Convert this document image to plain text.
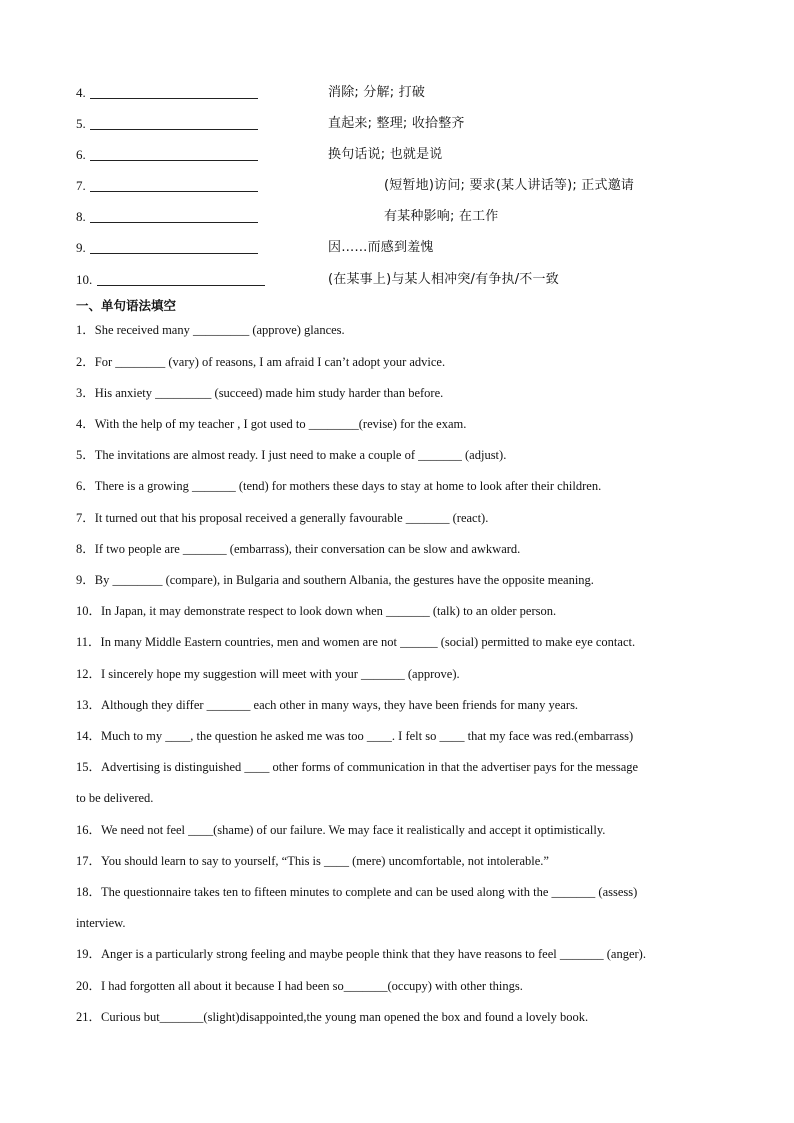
4.	消除; 分解; 打破
5.	直起来; 整理; 收拾整齐
6.	换句话说; 也就是说
7.	(短暂地)访问; 要求(某人讲话等); 正式邀请
8.	有某种影响; 在工作
9.	因……而感到羞愧
10.	(在某事上)与某人相冲突/有争执/不一致
一、单句语法填空
1．She received many _________ (approve) glances.
2．For ________ (vary) of reasons, I am afraid I can’t adopt your advice.
3．His anxiety _________ (succeed) made him study harder than before.
4．With the help of my teacher , I got used to ________(revise) for the exam.
5．The invitations are almost ready. I just need to make a couple of _______ (adjust).
6．There is a growing _______ (tend) for mothers these days to stay at home to look after their children.
7．It turned out that his proposal received a generally favourable _______ (react).
8．If two people are _______ (embarrass), their conversation can be slow and awkward.
9．By ________ (compare), in Bulgaria and southern Albania, the gestures have the opposite meaning.
10．In Japan, it may demonstrate respect to look down when _______ (talk) to an older person.
11．In many Middle Eastern countries, men and women are not ______ (social) permitted to make eye contact.
12．I sincerely hope my suggestion will meet with your _______ (approve).
13．Although they differ _______ each other in many ways, they have been friends for many years.
14．Much to my ____, the question he asked me was too ____. I felt so ____ that my face was red.(embarrass)
15．Advertising is distinguished ____ other forms of communication in that the advertiser pays for the message
to be delivered.
16．We need not feel ____(shame) of our failure. We may face it realistically and accept it optimistically.
17．You should learn to say to yourself, “This is ____ (mere) uncomfortable, not intolerable.”
18．The questionnaire takes ten to fifteen minutes to complete and can be used along with the _______ (assess)
interview.
19．Anger is a particularly strong feeling and maybe people think that they have reasons to feel _______ (anger).
20．I had forgotten all about it because I had been so_______(occupy) with other things.
21．Curious but_______(slight)disappointed,the young man opened the box and found a lovely book.
